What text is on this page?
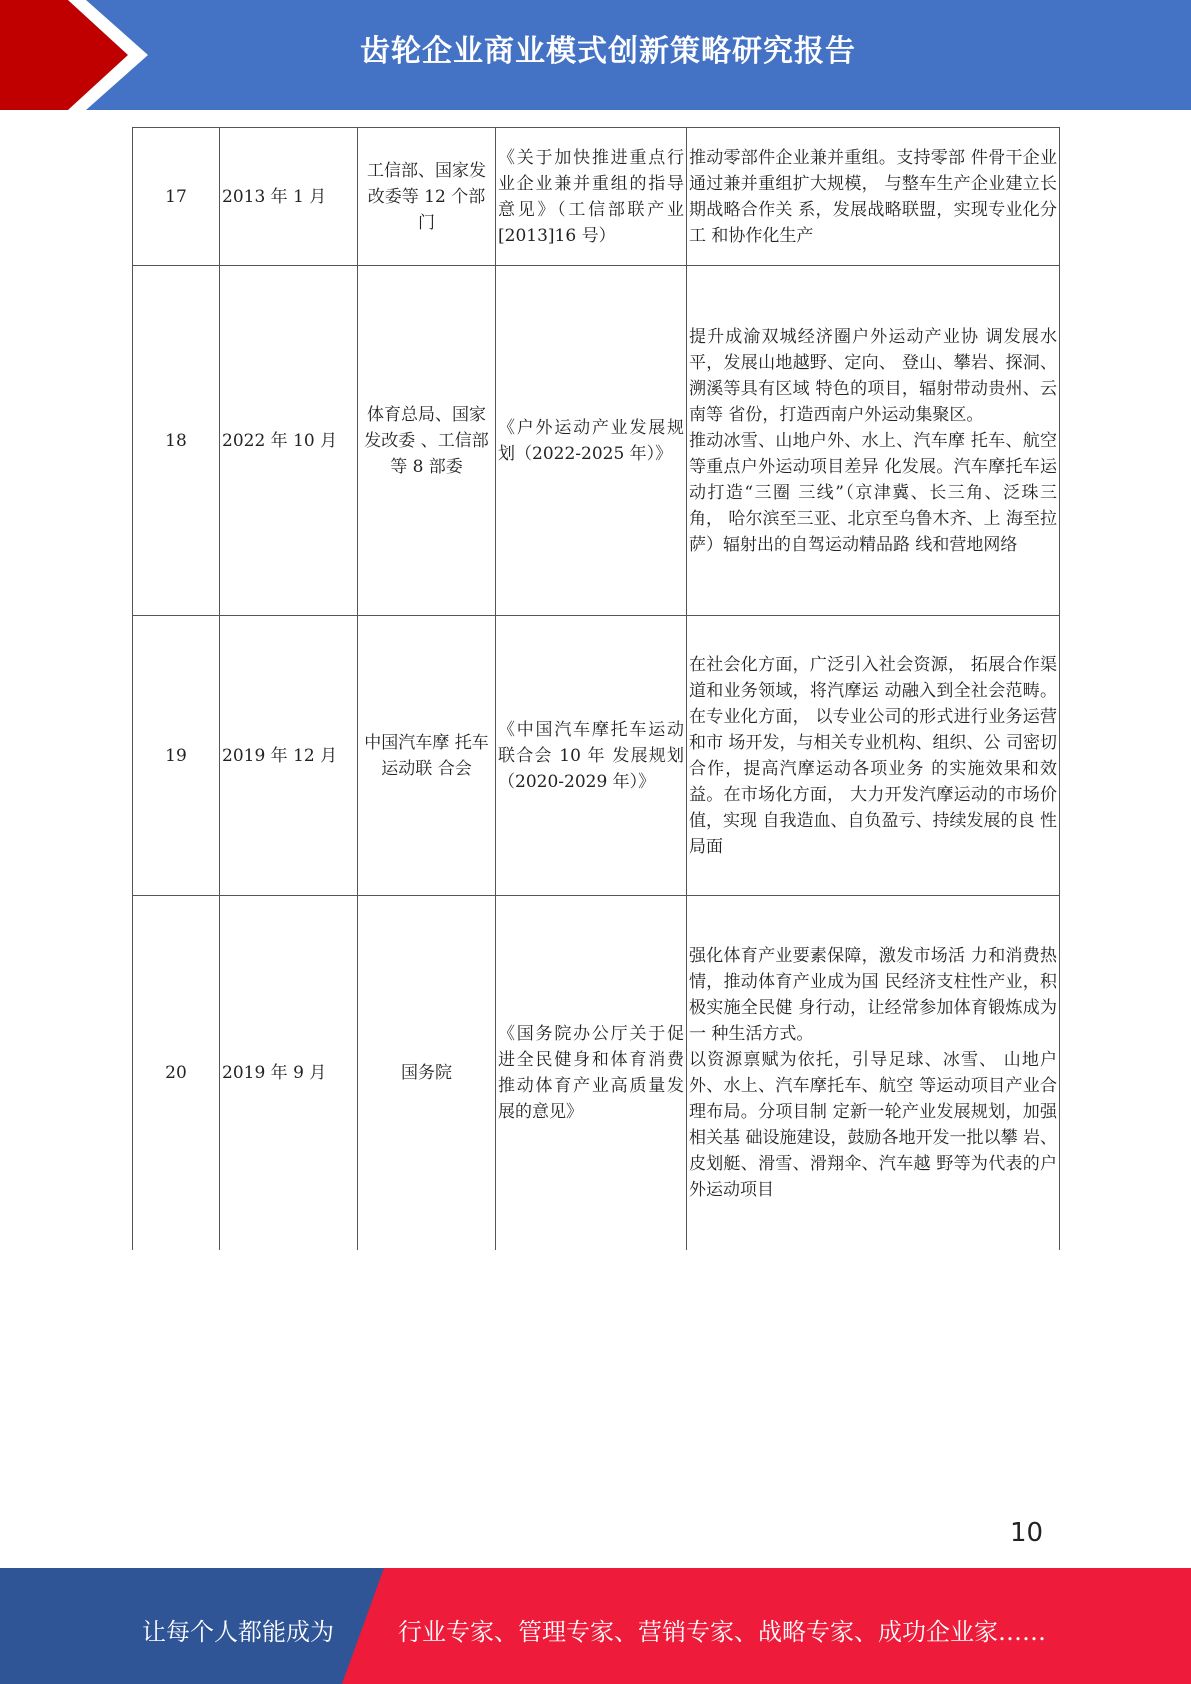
齿轮企业商业模式创新策略研究报告
17	2013 年 1 月	工信部、国家发改委等 12 个部门	《关于加快推进重点行业企业兼并重组的指导意见》（工信部联产业 [2013]16 号）	推动零部件企业兼并重组。支持零部 件骨干企业通过兼并重组扩大规模， 与整车生产企业建立长期战略合作关 系，发展战略联盟，实现专业化分工 和协作化生产

18	2022 年 10 月	体育总局、国家发改委 、工信部等 8 部委	《户外运动产业发展规划（2022-2025 年）》	提升成渝双城经济圈户外运动产业协 调发展水平，发展山地越野、定向、 登山、攀岩、探洞、溯溪等具有区域 特色的项目，辐射带动贵州、云南等 省份，打造西南户外运动集聚区。

推动冰雪、山地户外、水上、汽车摩 托车、航空等重点户外运动项目差异 化发展。汽车摩托车运动打造“三圈 三线”（京津冀、长三角、泛珠三角， 哈尔滨至三亚、北京至乌鲁木齐、上 海至拉萨）辐射出的自驾运动精品路 线和营地网络

19	2019 年 12 月	中国汽车摩 托车运动联 合会	《中国汽车摩托车运动联合会 10 年 发展规划（2020-2029 年）》	在社会化方面，广泛引入社会资源， 拓展合作渠道和业务领域，将汽摩运 动融入到全社会范畴。在专业化方面， 以专业公司的形式进行业务运营和市 场开发，与相关专业机构、组织、公 司密切合作，提高汽摩运动各项业务 的实施效果和效益。在市场化方面， 大力开发汽摩运动的市场价值，实现 自我造血、自负盈亏、持续发展的良 性局面

20	2019 年 9 月	国务院	《国务院办公厅关于促进全民健身和体育消费推动体育产业高质量发展的意见》	强化体育产业要素保障，激发市场活 力和消费热情，推动体育产业成为国 民经济支柱性产业，积极实施全民健 身行动，让经常参加体育锻炼成为一 种生活方式。

以资源禀赋为依托，引导足球、冰雪、 山地户外、水上、汽车摩托车、航空 等运动项目产业合理布局。分项目制 定新一轮产业发展规划，加强相关基 础设施建设，鼓励各地开发一批以攀 岩、皮划艇、滑雪、滑翔伞、汽车越 野等为代表的户外运动项目

10
让每个人都能成为	行业专家、管理专家、营销专家、战略专家、成功企业家……
